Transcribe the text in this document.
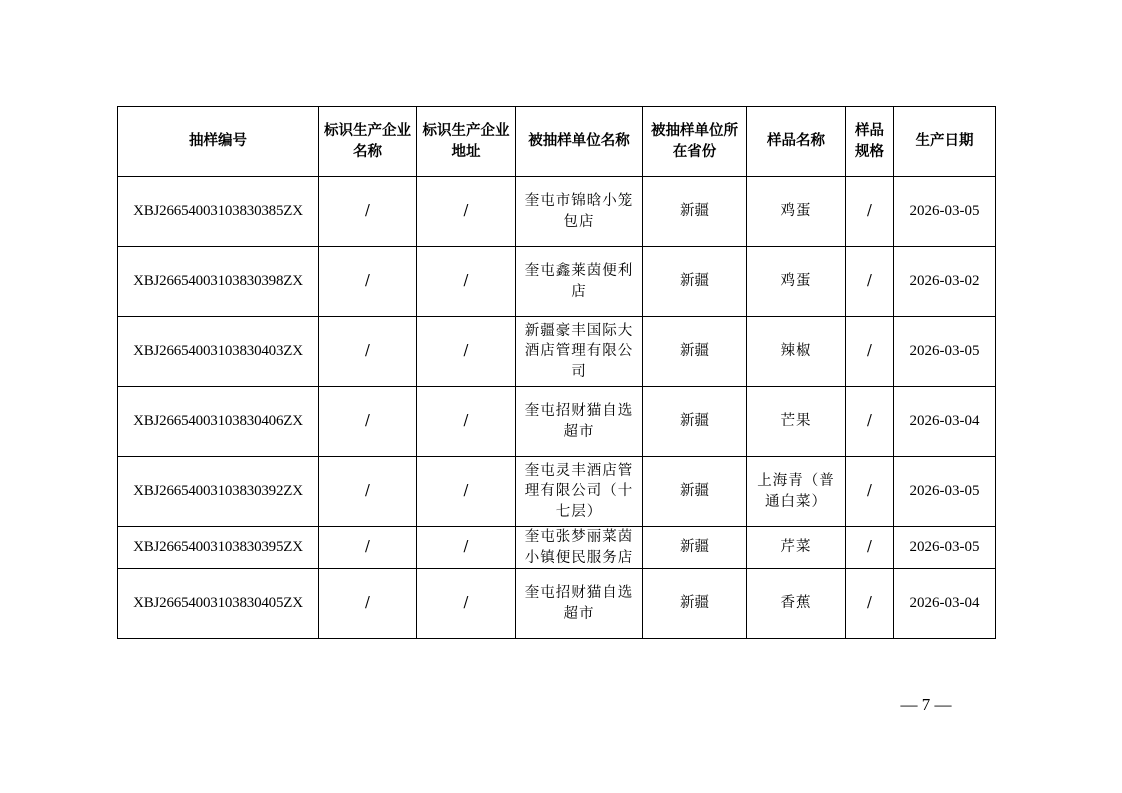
抽样编号	标识生产企业名称	标识生产企业地址	被抽样单位名称	被抽样单位所在省份	样品名称	样品规格	生产日期
XBJ26654003103830385ZX	/	/	奎屯市锦晗小笼包店	新疆	鸡蛋	/	2026-03-05
XBJ26654003103830398ZX	/	/	奎屯鑫莱茵便利店	新疆	鸡蛋	/	2026-03-02
XBJ26654003103830403ZX	/	/	新疆豪丰国际大酒店管理有限公司	新疆	辣椒	/	2026-03-05
XBJ26654003103830406ZX	/	/	奎屯招财猫自选超市	新疆	芒果	/	2026-03-04
XBJ26654003103830392ZX	/	/	奎屯灵丰酒店管理有限公司（十七层）	新疆	上海青（普通白菜）	/	2026-03-05
XBJ26654003103830395ZX	/	/	奎屯张梦丽菜茵小镇便民服务店	新疆	芹菜	/	2026-03-05
XBJ26654003103830405ZX	/	/	奎屯招财猫自选超市	新疆	香蕉	/	2026-03-04
— 7 —
